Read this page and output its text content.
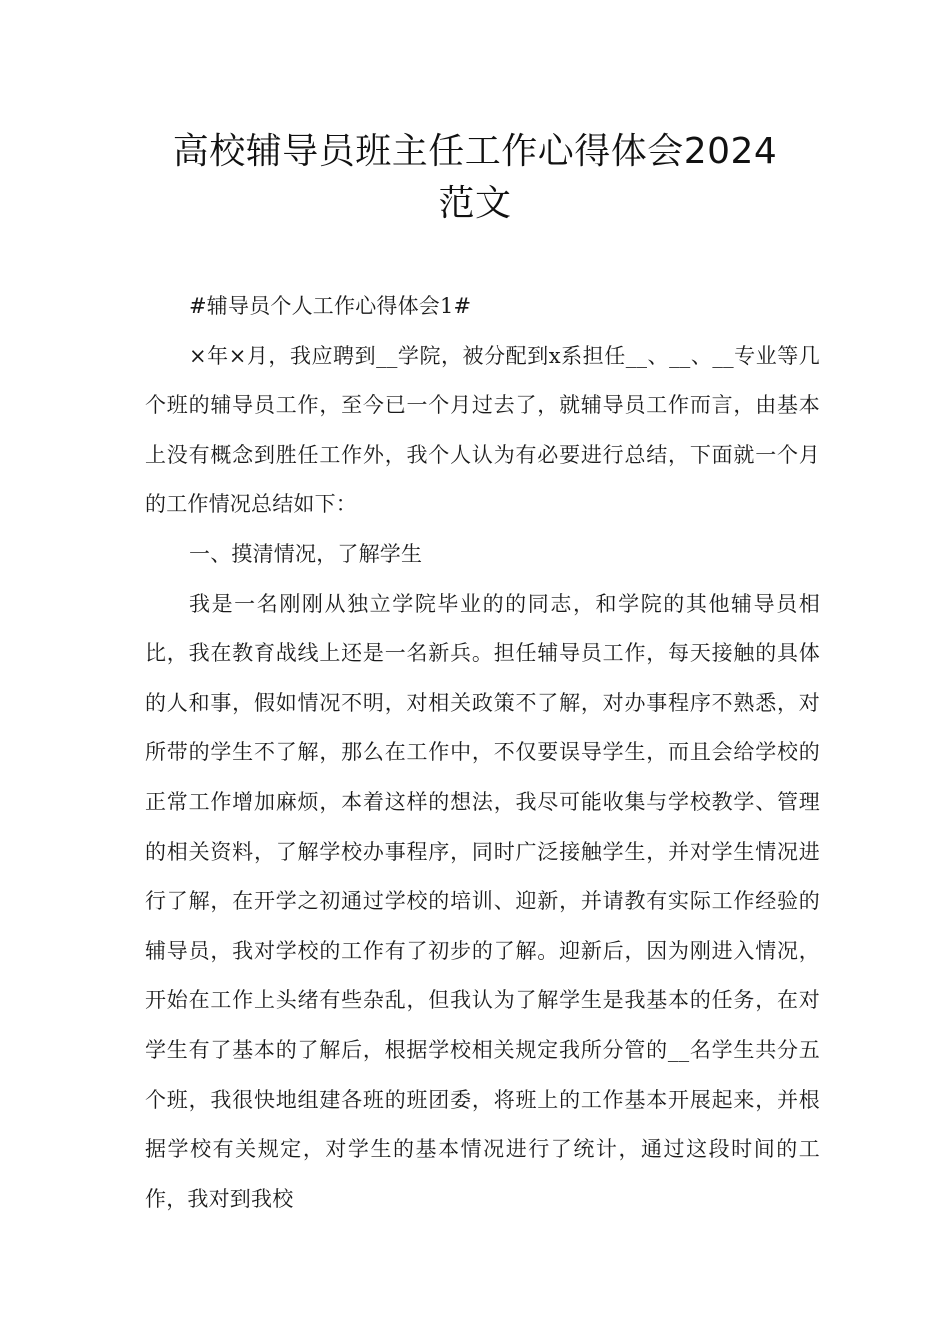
高校辅导员班主任工作心得体会2024
范文

#辅导员个人工作心得体会1#

×年×月，我应聘到__学院，被分配到x系担任__、__、__专业等几个班的辅导员工作，至今已一个月过去了，就辅导员工作而言，由基本上没有概念到胜任工作外，我个人认为有必要进行总结，下面就一个月的工作情况总结如下：

一、摸清情况，了解学生

我是一名刚刚从独立学院毕业的的同志，和学院的其他辅导员相比，我在教育战线上还是一名新兵。担任辅导员工作，每天接触的具体的人和事，假如情况不明，对相关政策不了解，对办事程序不熟悉，对所带的学生不了解，那么在工作中，不仅要误导学生，而且会给学校的正常工作增加麻烦，本着这样的想法，我尽可能收集与学校教学、管理的相关资料，了解学校办事程序，同时广泛接触学生，并对学生情况进行了解，在开学之初通过学校的培训、迎新，并请教有实际工作经验的辅导员，我对学校的工作有了初步的了解。迎新后，因为刚进入情况，开始在工作上头绪有些杂乱，但我认为了解学生是我基本的任务，在对学生有了基本的了解后，根据学校相关规定我所分管的__名学生共分五个班，我很快地组建各班的班团委，将班上的工作基本开展起来，并根据学校有关规定，对学生的基本情况进行了统计，通过这段时间的工作，我对到我校
